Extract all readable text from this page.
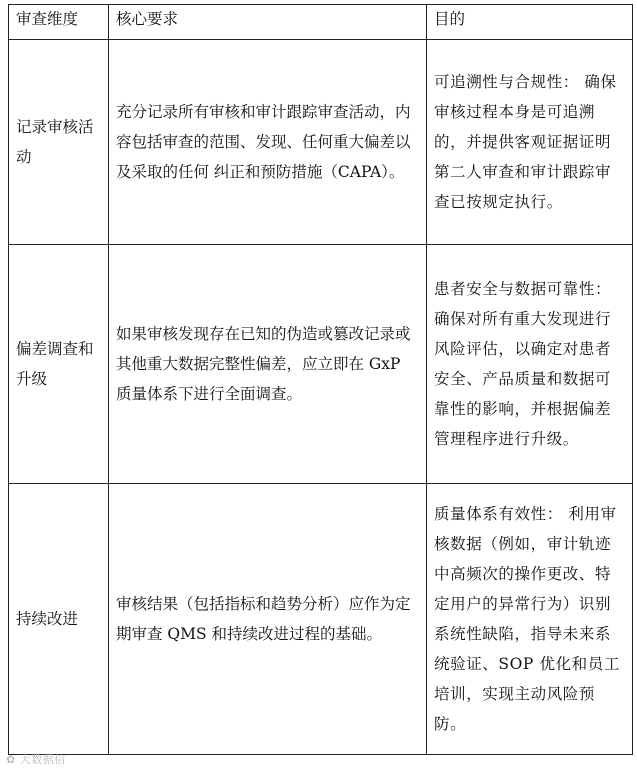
审查维度	核心要求	目的
记录审核活动	充分记录所有审核和审计跟踪审查活动，内容包括审查的范围、发现、任何重大偏差以及采取的任何 纠正和预防措施（CAPA）。	可追溯性与合规性： 确保审核过程本身是可追溯的，并提供客观证据证明第二人审查和审计跟踪审查已按规定执行。
偏差调查和升级	如果审核发现存在已知的伪造或篡改记录或其他重大数据完整性偏差，应立即在 GxP 质量体系下进行全面调查。	患者安全与数据可靠性：确保对所有重大发现进行风险评估，以确定对患者安全、产品质量和数据可靠性的影响，并根据偏差管理程序进行升级。
持续改进	审核结果（包括指标和趋势分析）应作为定期审查 QMS 和持续改进过程的基础。	质量体系有效性： 利用审核数据（例如，审计轨迹中高频次的操作更改、特定用户的异常行为）识别系统性缺陷，指导未来系统验证、SOP 优化和员工培训，实现主动风险预防。
✿ 大数据信
